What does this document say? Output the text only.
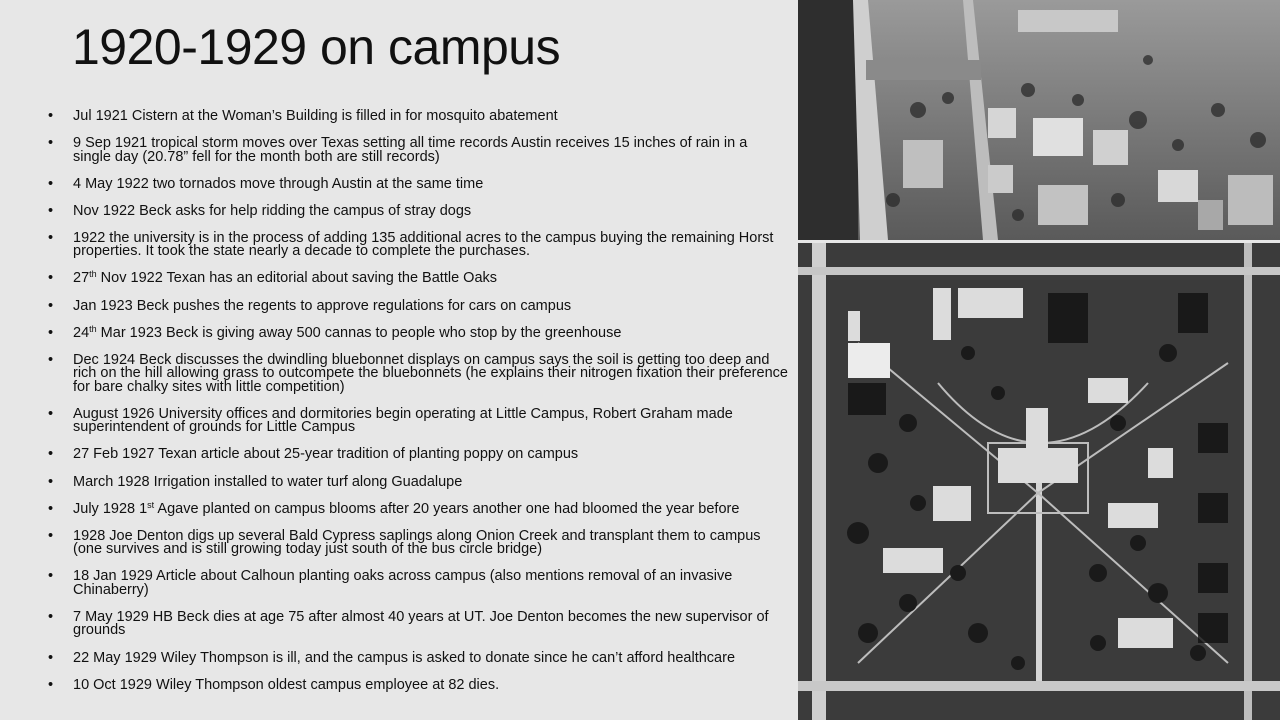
1920-1929 on campus
• Jul 1921 Cistern at the Woman’s Building is filled in for mosquito abatement
• 9 Sep 1921 tropical storm moves over Texas setting all time records Austin receives 15 inches of rain in a single day (20.78” fell for the month both are still records)
• 4 May 1922 two tornados move through Austin at the same time
• Nov 1922 Beck asks for help ridding the campus of stray dogs
• 1922 the university is in the process of adding 135 additional acres to the campus buying the remaining Horst properties. It took the state nearly a decade to complete the purchases.
• 27th Nov 1922 Texan has an editorial about saving the Battle Oaks
• Jan 1923 Beck pushes the regents to approve regulations for cars on campus
• 24th Mar 1923 Beck is giving away 500 cannas to people who stop by the greenhouse
• Dec 1924 Beck discusses the dwindling bluebonnet displays on campus says the soil is getting too deep and rich on the hill allowing grass to outcompete the bluebonnets (he explains their nitrogen fixation their preference for bare chalky sites with little competition)
• August 1926 University offices and dormitories begin operating at Little Campus, Robert Graham made superintendent of grounds for Little Campus
• 27 Feb 1927 Texan article about 25-year tradition of planting poppy on campus
• March 1928 Irrigation installed to water turf along Guadalupe
• July 1928 1st Agave planted on campus blooms after 20 years another one had bloomed the year before
• 1928 Joe Denton digs up several Bald Cypress saplings along Onion Creek and transplant them to campus (one survives and is still growing today just south of the bus circle bridge)
• 18 Jan 1929 Article about Calhoun planting oaks across campus (also mentions removal of an invasive Chinaberry)
• 7 May 1929 HB Beck dies at age 75 after almost 40 years at UT. Joe Denton becomes the new supervisor of grounds
• 22 May 1929 Wiley Thompson is ill, and the campus is asked to donate since he can’t afford healthcare
• 10 Oct 1929 Wiley Thompson oldest campus employee at 82 dies.
